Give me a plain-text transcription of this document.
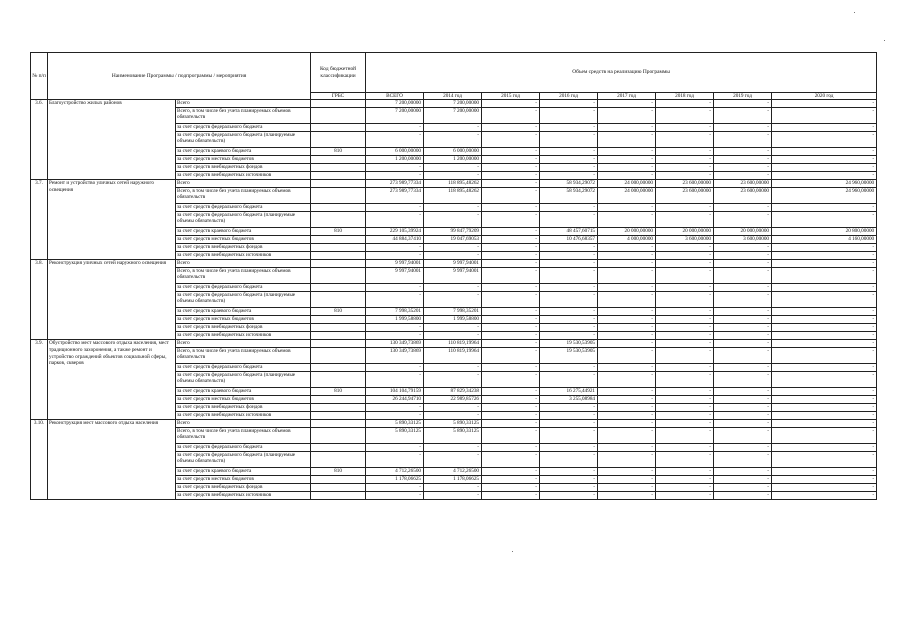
№ п/п	Наименование Программы / подпрограммы / мероприятия		Код бюджетной классификации	Объем средств на реализацию Программы							
			ГРБС	ВСЕГО	2014 год	2015 год	2016 год	2017 год	2018 год	2019 год	2020 год
3.6.	Благоустройство жилых районов	Всего		7 200,00000	7 200,00000	-	-	-	-	-	-
		Всего, в том числе без учета планируемых объемов обязательств		7 200,00000	7 200,00000	-	-	-	-	-	-
		за счет средств федерального бюджета		-	-	-	-	-	-	-	-
		за счет средств федерального бюджета (планируемые объемы обязательств)		-	-	-	-	-	-	-	-
		за счет средств краевого бюджета	810	6 000,00000	6 000,00000	-	-	-	-	-	-
		за счет средств местных бюджетов		1 200,00000	1 200,00000	-	-	-	-	-	-
		за счет средств внебюджетных фондов		-	-	-	-	-	-	-	-
		за счет средств внебюджетных источников		-	-	-	-	-	-	-	-
3.7.	Ремонт и устройство уличных сетей наружного освещения	Всего		273 989,77334	118 895,48262	-	58 934,29072	24 000,00000	23 600,00000	23 600,00000	24 960,00000
		Всего, в том числе без учета планируемых объемов обязательств		273 989,77334	118 895,48262	-	58 934,29072	24 000,00000	23 600,00000	23 600,00000	24 960,00000
		за счет средств федерального бюджета		-	-	-	-	-	-	-	-
		за счет средств федерального бюджета (планируемые объемы обязательств)		-	-	-	-	-	-	-	-
		за счет средств краевого бюджета	810	229 105,39924	99 847,79209	-	48 457,60715	20 000,00000	20 000,00000	20 000,00000	20 800,00000
		за счет средств местных бюджетов		44 884,37410	19 047,69053	-	10 476,68357	4 000,00000	3 600,00000	3 600,00000	4 160,00000
		за счет средств внебюджетных фондов		-	-	-	-	-	-	-	-
		за счет средств внебюджетных источников		-	-	-	-	-	-	-	-
3.8.	Реконструкция уличных сетей наружного освещения	Всего		9 997,94001	9 997,94001	-	-	-	-	-	-
		Всего, в том числе без учета планируемых объемов обязательств		9 997,94001	9 997,94001	-	-	-	-	-	-
		за счет средств федерального бюджета		-	-	-	-	-	-	-	-
		за счет средств федерального бюджета (планируемые объемы обязательств)		-	-	-	-	-	-	-	-
		за счет средств краевого бюджета	810	7 998,35201	7 998,35201	-	-	-	-	-	-
		за счет средств местных бюджетов		1 999,58800	1 999,58800	-	-	-	-	-	-
		за счет средств внебюджетных фондов		-	-	-	-	-	-	-	-
		за счет средств внебюджетных источников		-	-	-	-	-	-	-	-
3.9.	Обустройство мест массового отдыха населения, мест традиционного захоронения, а также ремонт и устройство ограждений объектов социальной сферы, парков, скверов	Всего		130 349,73869	110 819,19964	-	19 530,53905	-	-	-	-
		Всего, в том числе без учета планируемых объемов обязательств		130 349,73869	110 819,19964	-	19 530,53905	-	-	-	-
		за счет средств федерального бюджета		-	-	-	-	-	-	-	-
		за счет средств федерального бюджета (планируемые объемы обязательств)		-	-	-	-	-	-	-	-
		за счет средств краевого бюджета	810	104 104,79159	87 829,34238	-	16 275,44921	-	-	-	-
		за счет средств местных бюджетов		26 244,94710	22 989,85726	-	3 255,08984	-	-	-	-
		за счет средств внебюджетных фондов		-	-	-	-	-	-	-	-
		за счет средств внебюджетных источников		-	-	-	-	-	-	-	-
3.10.	Реконструкция мест массового отдыха населения	Всего		5 890,33125	5 890,33125	-	-	-	-	-	-
		Всего, в том числе без учета планируемых объемов обязательств		5 890,33125	5 890,33125	-	-	-	-	-	-
		за счет средств федерального бюджета		-	-	-	-	-	-	-	-
		за счет средств федерального бюджета (планируемые объемы обязательств)		-	-	-	-	-	-	-	-
		за счет средств краевого бюджета	810	4 712,26500	4 712,26500	-	-	-	-	-	-
		за счет средств местных бюджетов		1 178,06625	1 178,06625	-	-	-	-	-	-
		за счет средств внебюджетных фондов		-	-	-	-	-	-	-	-
		за счет средств внебюджетных источников		-	-	-	-	-	-	-	-
